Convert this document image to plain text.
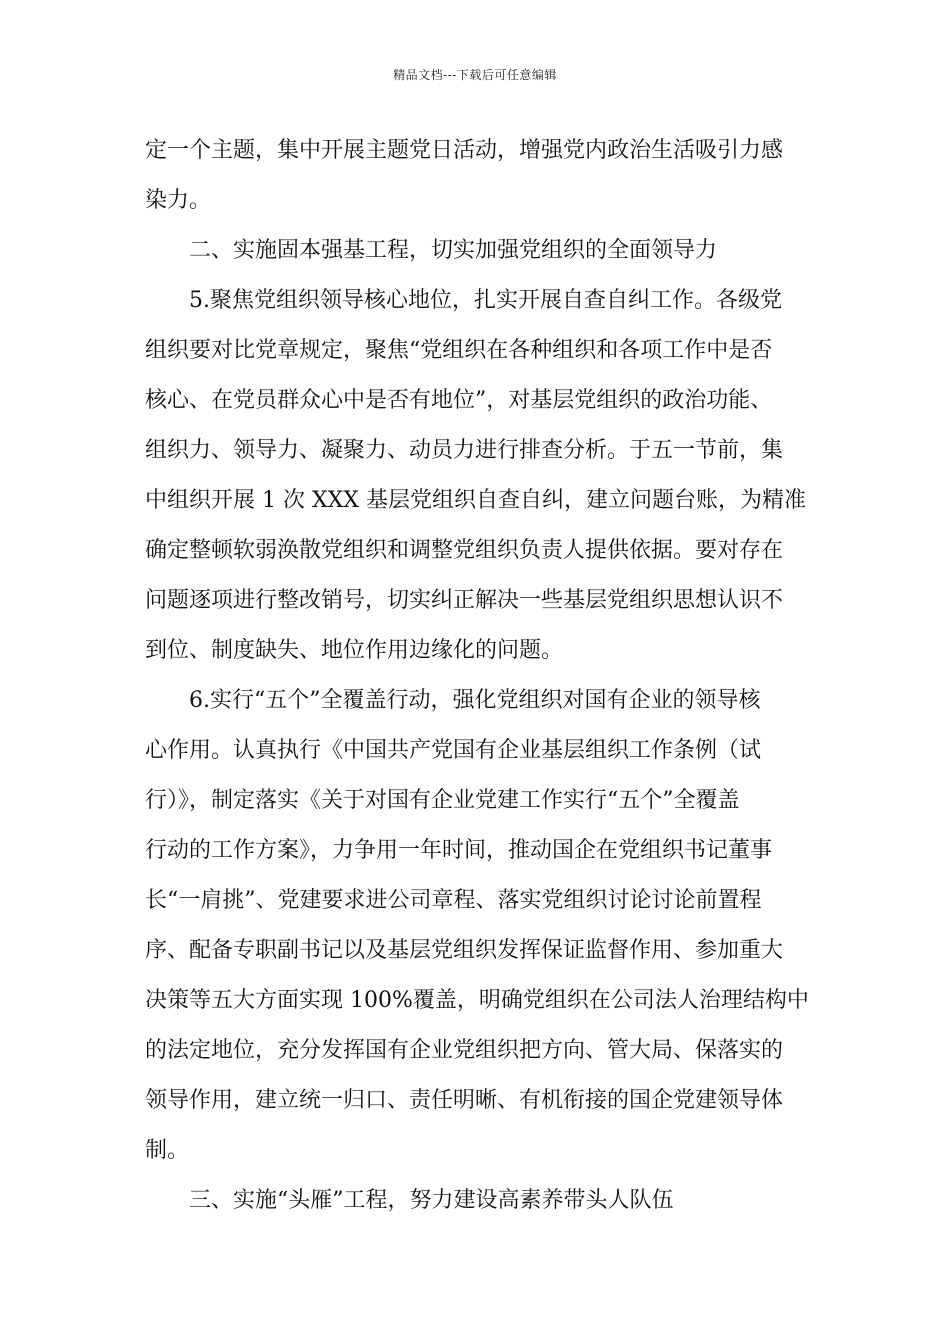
精品文档---下载后可任意编辑
定一个主题，集中开展主题党日活动，增强党内政治生活吸引力感
染力。
二、实施固本强基工程，切实加强党组织的全面领导力
5.聚焦党组织领导核心地位，扎实开展自查自纠工作。各级党
组织要对比党章规定，聚焦“党组织在各种组织和各项工作中是否
核心、在党员群众心中是否有地位”，对基层党组织的政治功能、
组织力、领导力、凝聚力、动员力进行排查分析。于五一节前，集
中组织开展 1 次 XXX 基层党组织自查自纠，建立问题台账，为精准
确定整顿软弱涣散党组织和调整党组织负责人提供依据。要对存在
问题逐项进行整改销号，切实纠正解决一些基层党组织思想认识不
到位、制度缺失、地位作用边缘化的问题。
6.实行“五个”全覆盖行动，强化党组织对国有企业的领导核
心作用。认真执行《中国共产党国有企业基层组织工作条例（试
行）》，制定落实《关于对国有企业党建工作实行“五个”全覆盖
行动的工作方案》，力争用一年时间，推动国企在党组织书记董事
长“一肩挑”、党建要求进公司章程、落实党组织讨论讨论前置程
序、配备专职副书记以及基层党组织发挥保证监督作用、参加重大
决策等五大方面实现 100%覆盖，明确党组织在公司法人治理结构中
的法定地位，充分发挥国有企业党组织把方向、管大局、保落实的
领导作用，建立统一归口、责任明晰、有机衔接的国企党建领导体
制。
三、实施“头雁”工程，努力建设高素养带头人队伍
